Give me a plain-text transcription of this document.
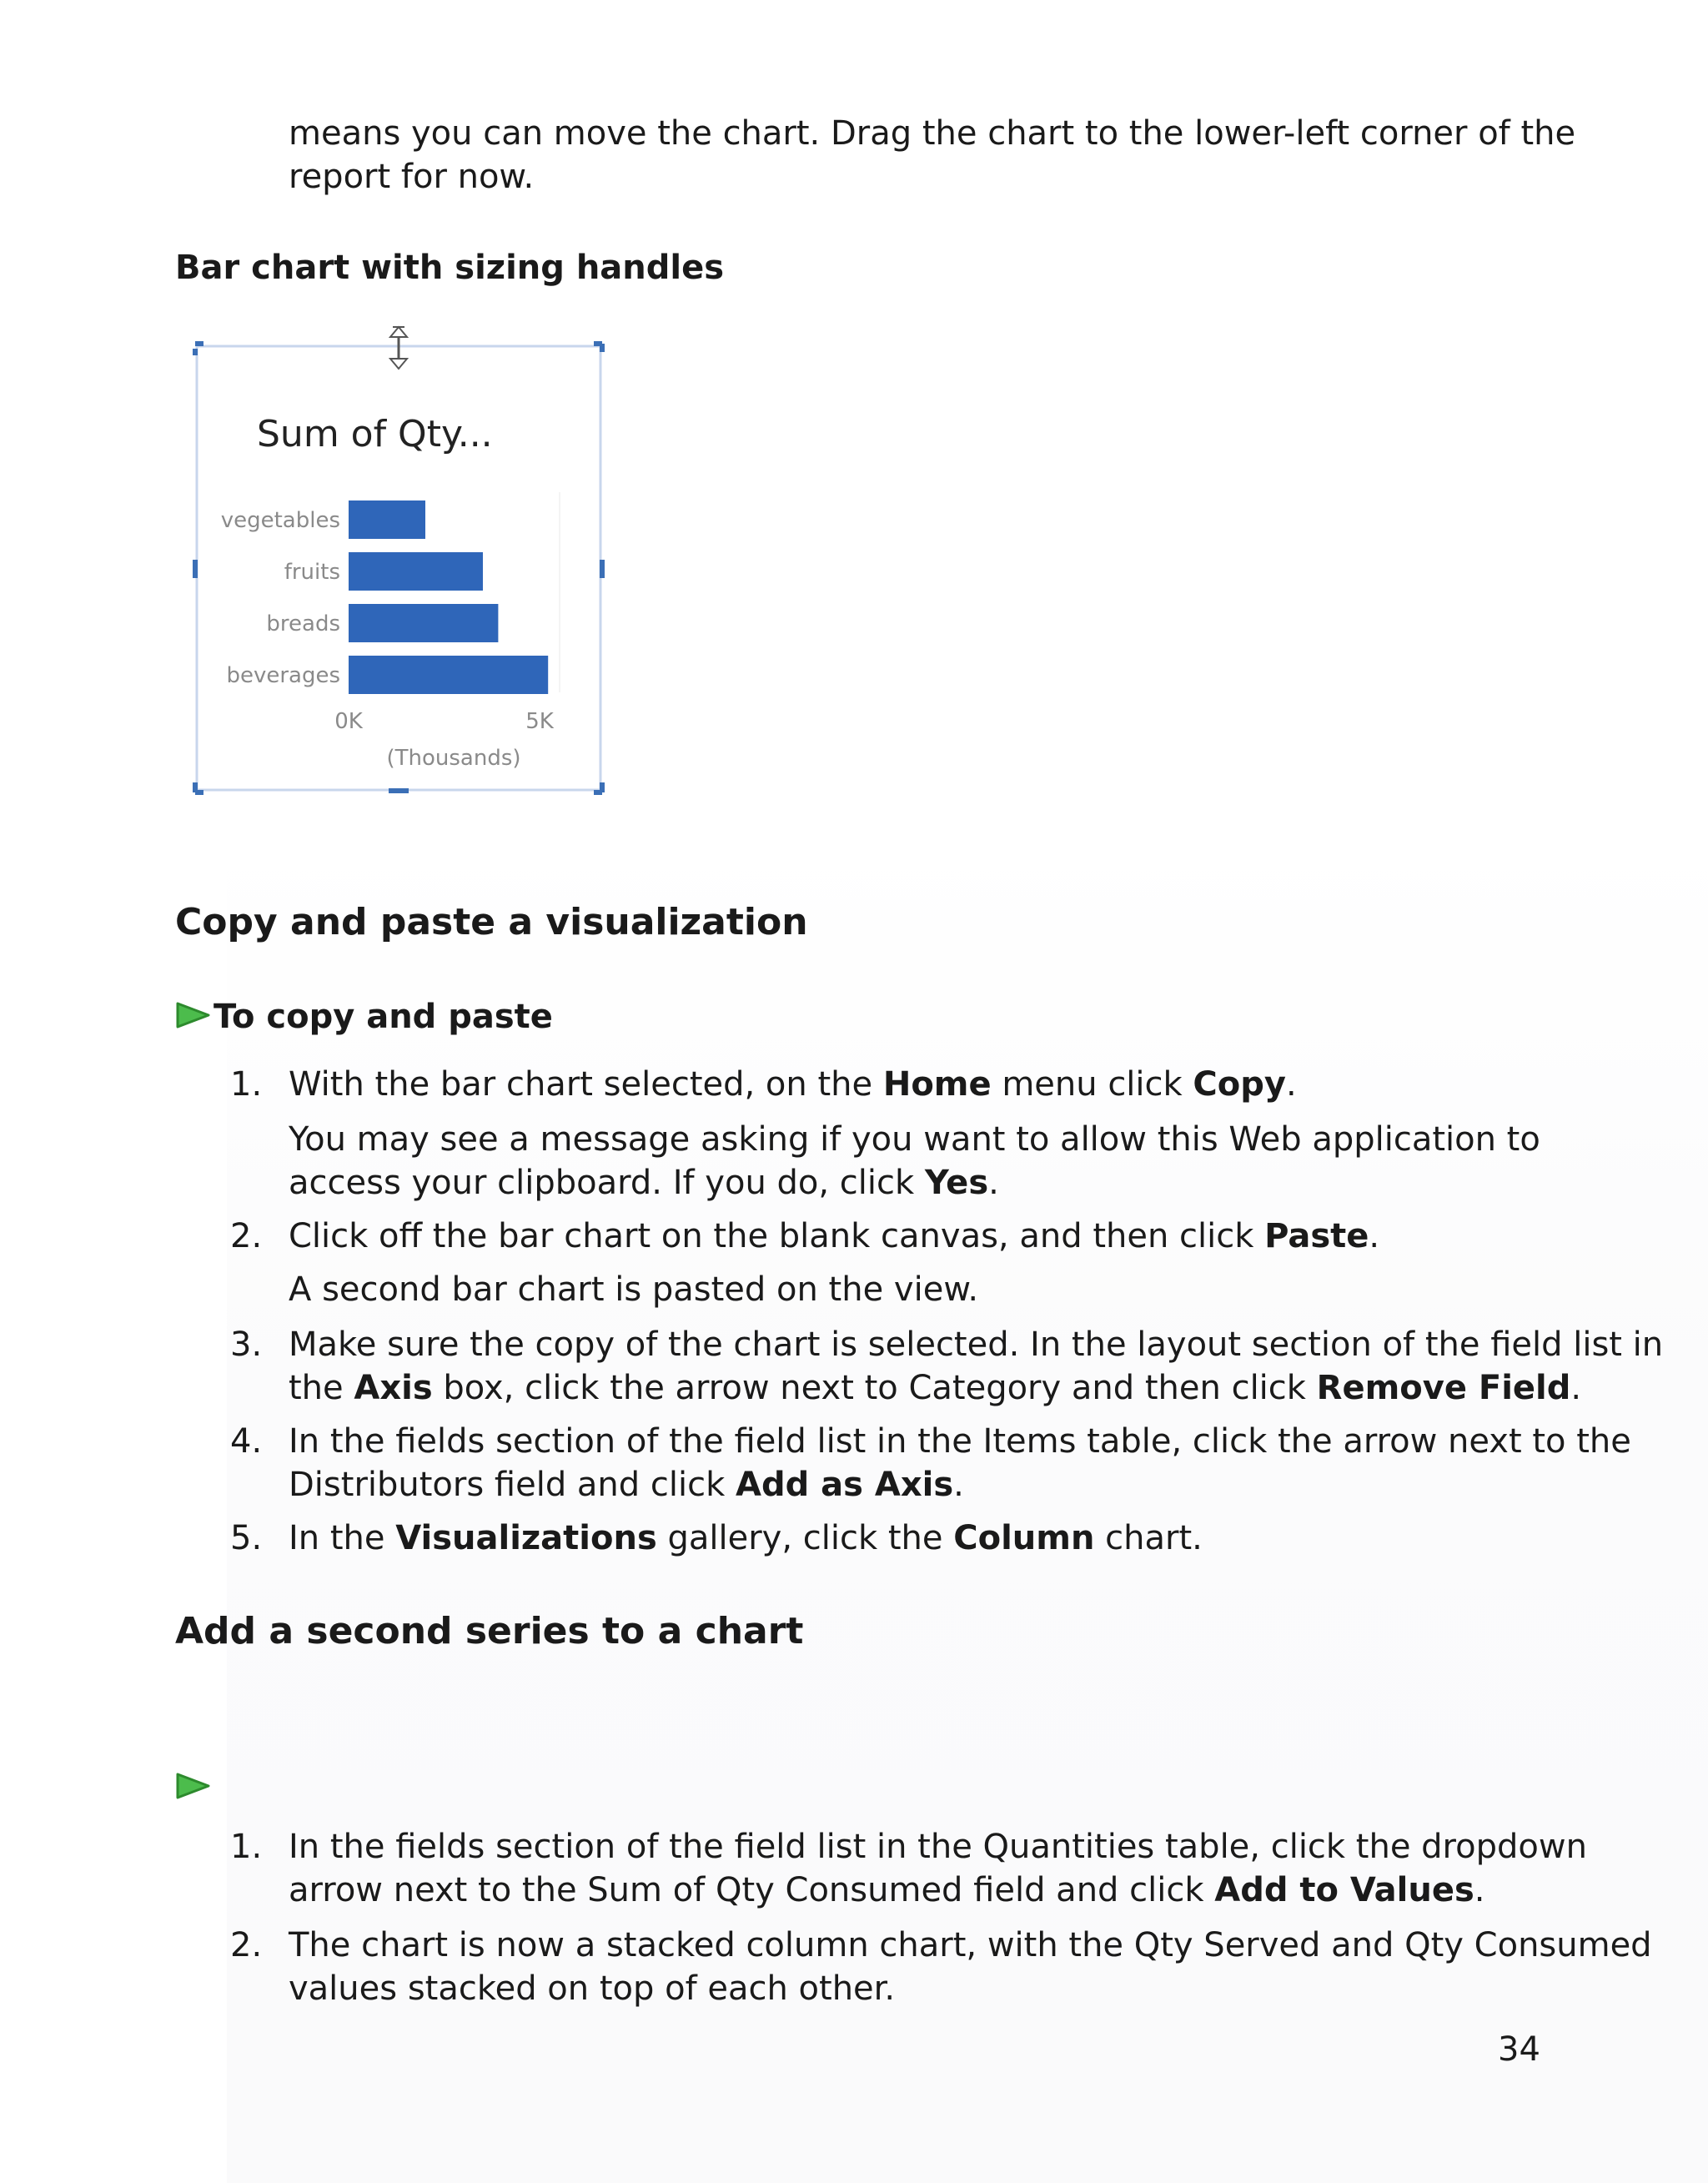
means you can move the chart. Drag the chart to the lower-left corner of the
report for now.
Bar chart with sizing handles
Sum of Qty...
vegetables
fruits
breads
beverages
0K	5K
(Thousands)
Copy and paste a visualization
To copy and paste
1. With the bar chart selected, on the Home menu click Copy.
You may see a message asking if you want to allow this Web application to
access your clipboard. If you do, click Yes.
2. Click off the bar chart on the blank canvas, and then click Paste.
A second bar chart is pasted on the view.
3. Make sure the copy of the chart is selected. In the layout section of the field list in
the Axis box, click the arrow next to Category and then click Remove Field.
4. In the fields section of the field list in the Items table, click the arrow next to the
Distributors field and click Add as Axis.
5. In the Visualizations gallery, click the Column chart.
Add a second series to a chart
1. In the fields section of the field list in the Quantities table, click the dropdown
arrow next to the Sum of Qty Consumed field and click Add to Values.
2. The chart is now a stacked column chart, with the Qty Served and Qty Consumed
values stacked on top of each other.
34
